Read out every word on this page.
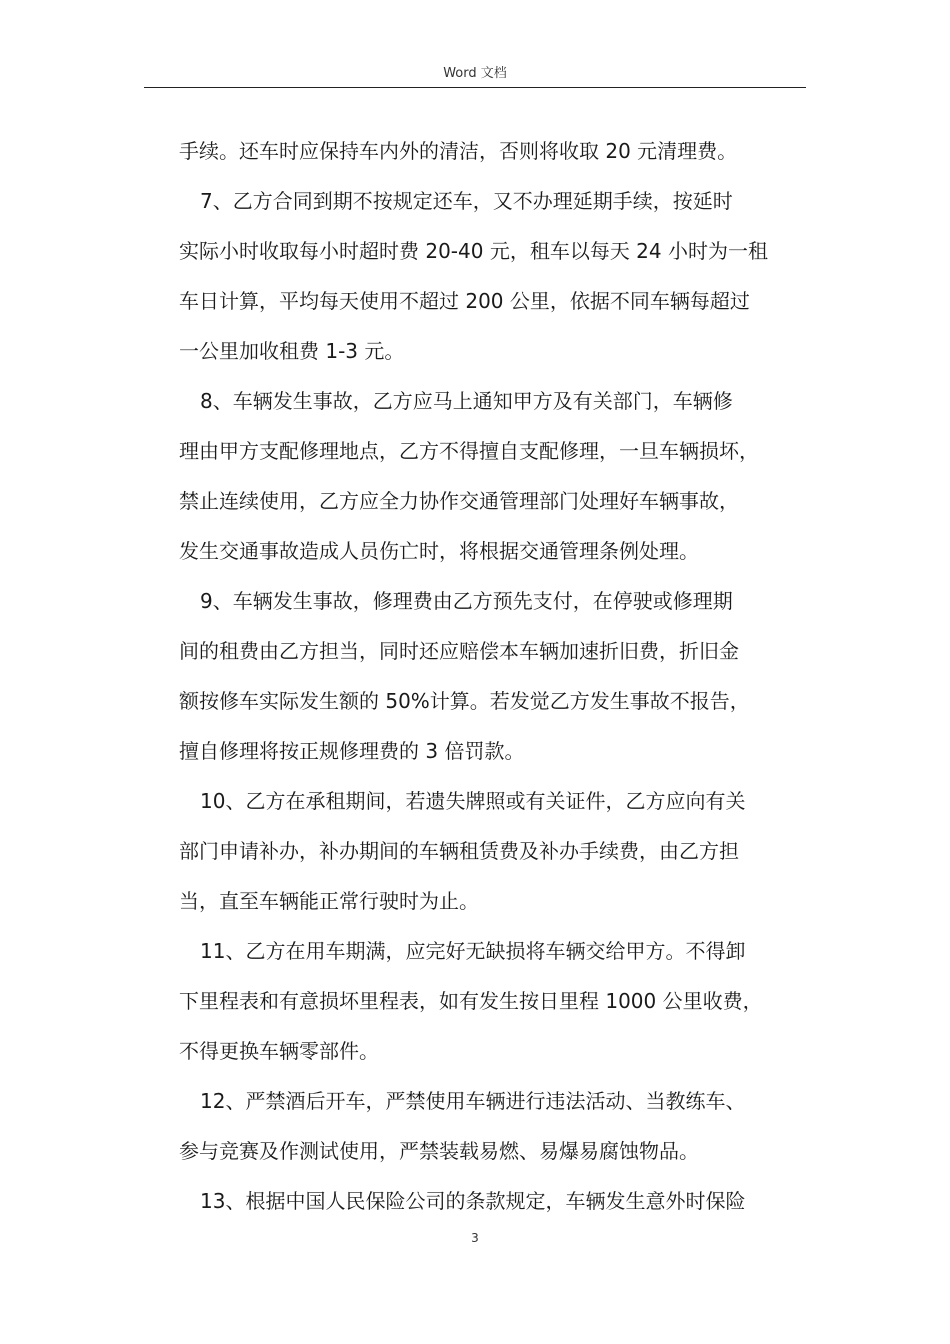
Word 文档
手续。还车时应保持车内外的清洁，否则将收取 20 元清理费。
7、乙方合同到期不按规定还车，又不办理延期手续，按延时
实际小时收取每小时超时费 20-40 元，租车以每天 24 小时为一租
车日计算，平均每天使用不超过 200 公里，依据不同车辆每超过
一公里加收租费 1-3 元。
8、车辆发生事故，乙方应马上通知甲方及有关部门，车辆修
理由甲方支配修理地点，乙方不得擅自支配修理，一旦车辆损坏，
禁止连续使用，乙方应全力协作交通管理部门处理好车辆事故，
发生交通事故造成人员伤亡时，将根据交通管理条例处理。
9、车辆发生事故，修理费由乙方预先支付，在停驶或修理期
间的租费由乙方担当，同时还应赔偿本车辆加速折旧费，折旧金
额按修车实际发生额的 50%计算。若发觉乙方发生事故不报告，
擅自修理将按正规修理费的 3 倍罚款。
10、乙方在承租期间，若遗失牌照或有关证件，乙方应向有关
部门申请补办，补办期间的车辆租赁费及补办手续费，由乙方担
当，直至车辆能正常行驶时为止。
11、乙方在用车期满，应完好无缺损将车辆交给甲方。不得卸
下里程表和有意损坏里程表，如有发生按日里程 1000 公里收费，
不得更换车辆零部件。
12、严禁酒后开车，严禁使用车辆进行违法活动、当教练车、
参与竞赛及作测试使用，严禁装载易燃、易爆易腐蚀物品。
13、根据中国人民保险公司的条款规定，车辆发生意外时保险
3
